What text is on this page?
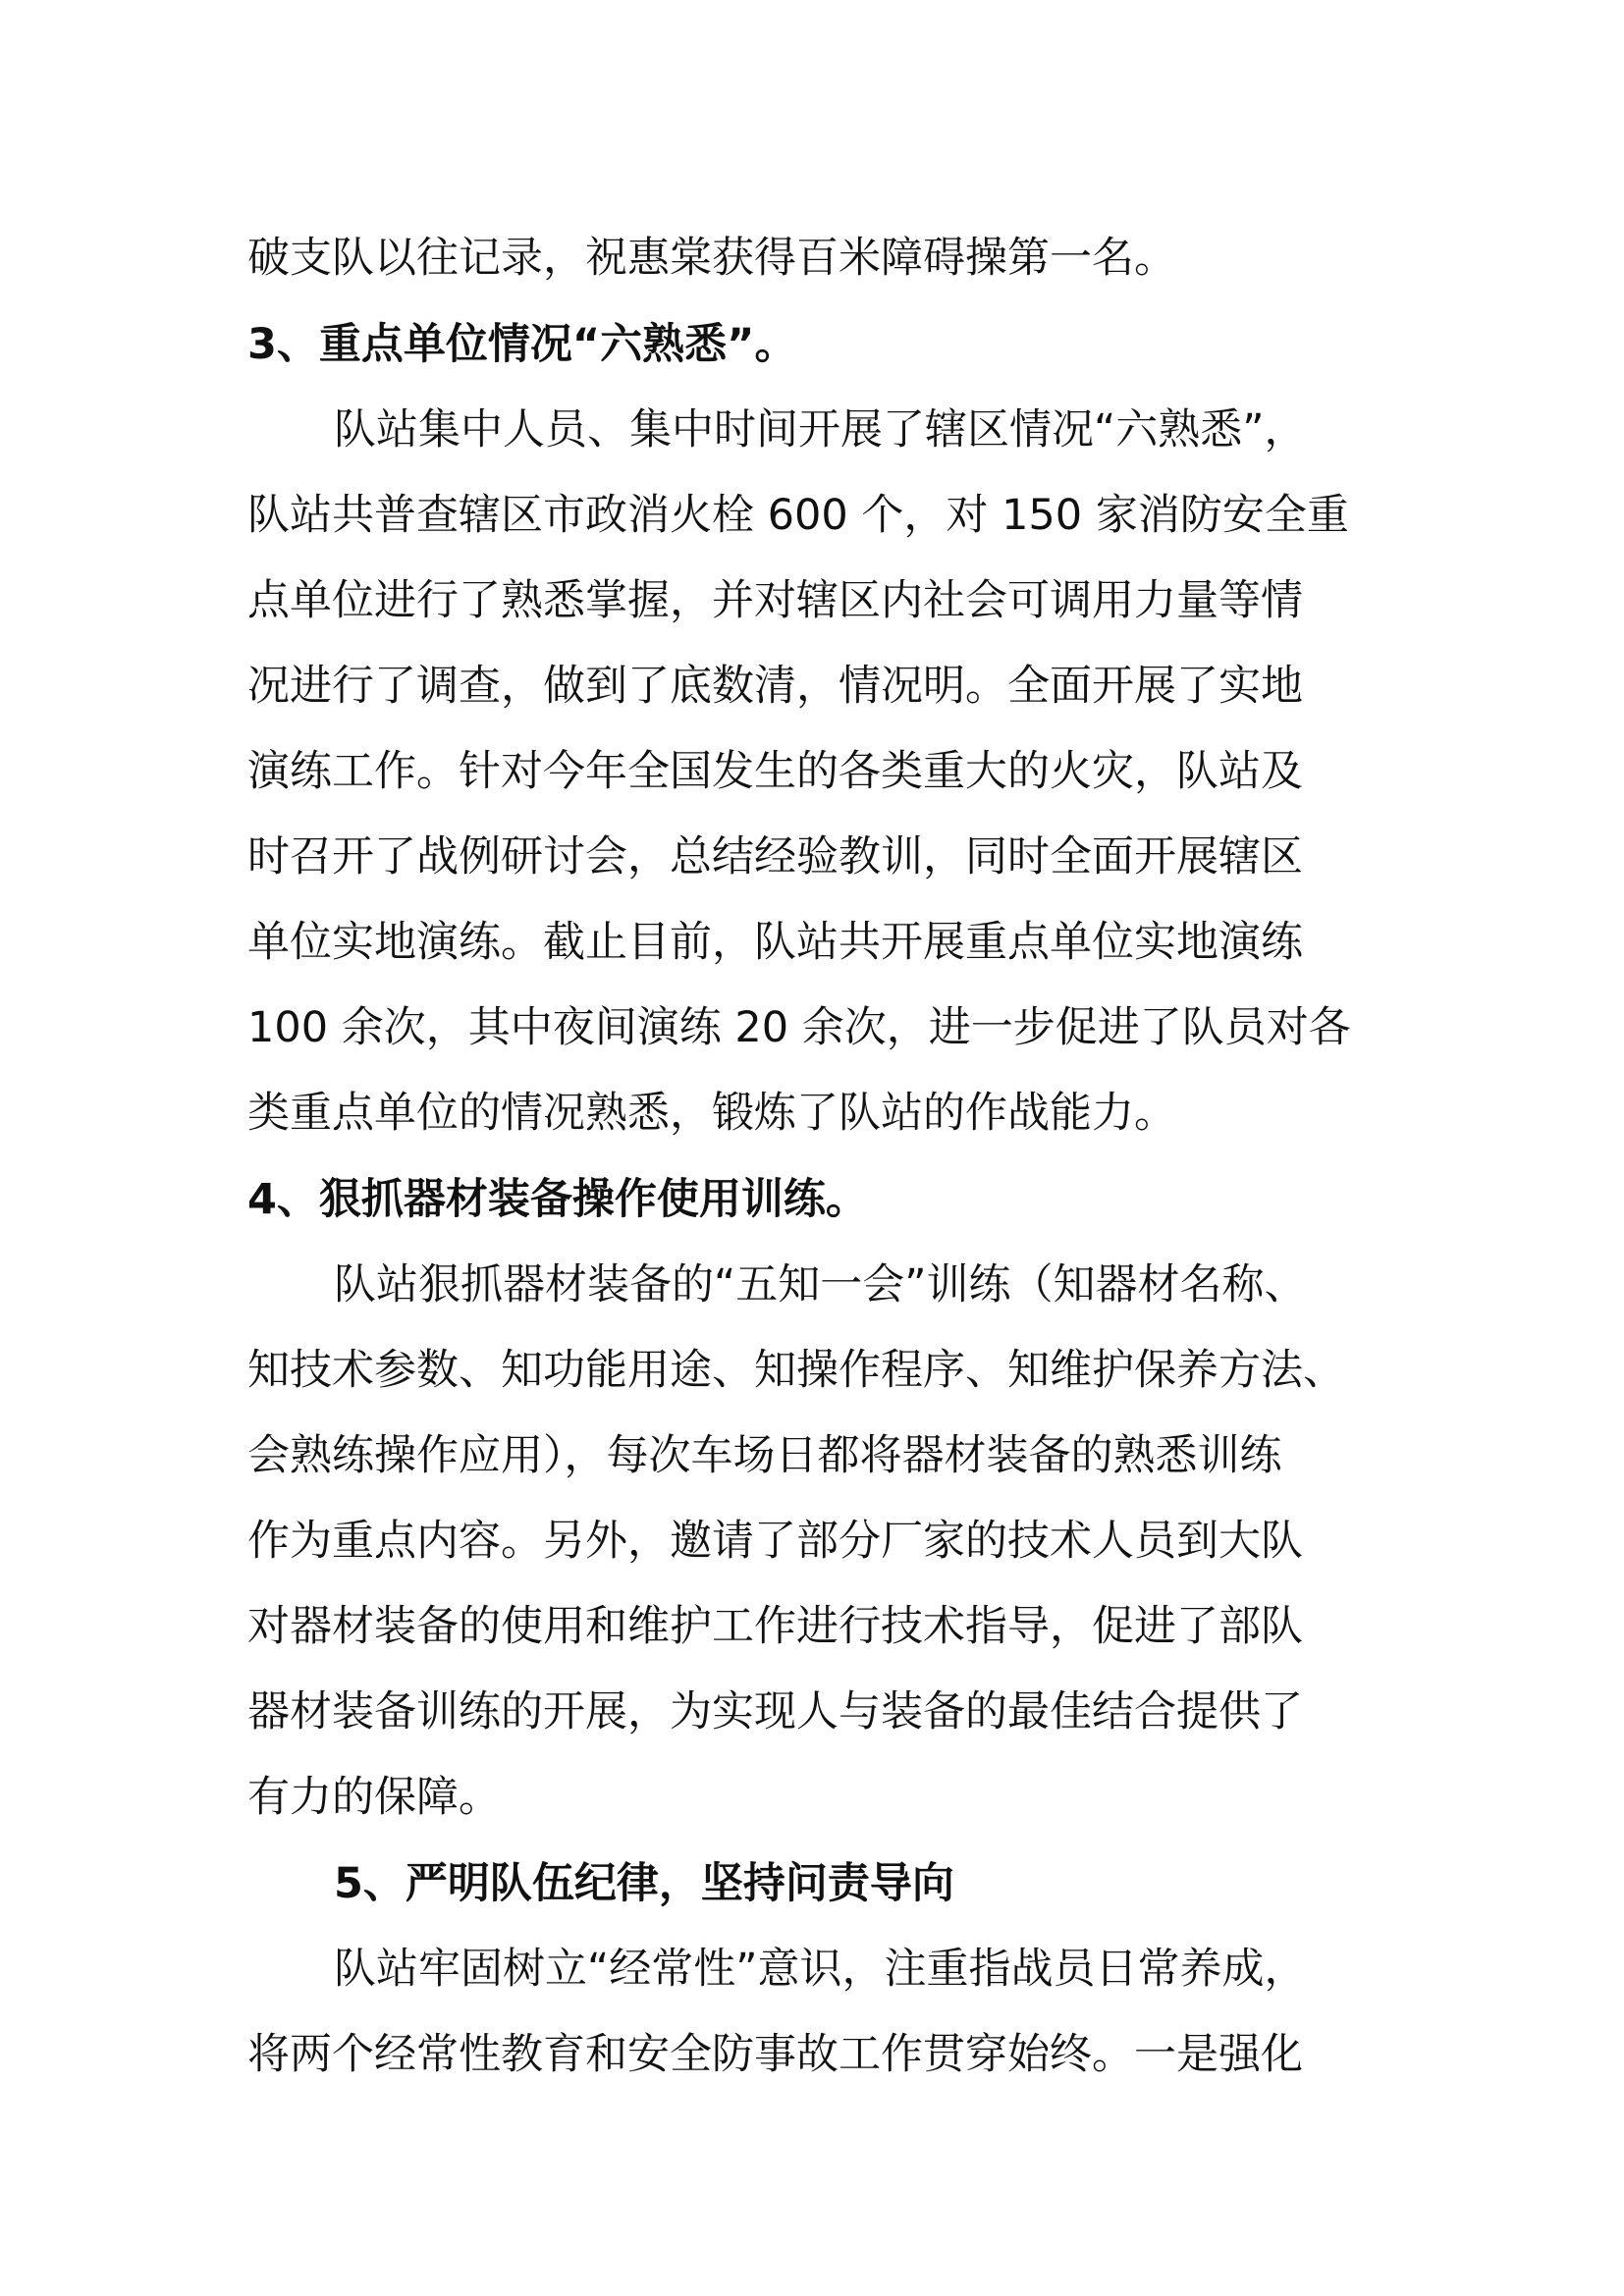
破支队以往记录，祝惠棠获得百米障碍操第一名。
3、重点单位情况“六熟悉”。
队站集中人员、集中时间开展了辖区情况“六熟悉”，
队站共普查辖区市政消火栓 600 个，对 150 家消防安全重
点单位进行了熟悉掌握，并对辖区内社会可调用力量等情
况进行了调查，做到了底数清，情况明。全面开展了实地
演练工作。针对今年全国发生的各类重大的火灾，队站及
时召开了战例研讨会，总结经验教训，同时全面开展辖区
单位实地演练。截止目前，队站共开展重点单位实地演练
100 余次，其中夜间演练 20 余次，进一步促进了队员对各
类重点单位的情况熟悉，锻炼了队站的作战能力。
4、狠抓器材装备操作使用训练。
队站狠抓器材装备的“五知一会”训练（知器材名称、
知技术参数、知功能用途、知操作程序、知维护保养方法、
会熟练操作应用），每次车场日都将器材装备的熟悉训练
作为重点内容。另外，邀请了部分厂家的技术人员到大队
对器材装备的使用和维护工作进行技术指导，促进了部队
器材装备训练的开展，为实现人与装备的最佳结合提供了
有力的保障。
5、严明队伍纪律，坚持问责导向
队站牢固树立“经常性”意识，注重指战员日常养成，
将两个经常性教育和安全防事故工作贯穿始终。一是强化
